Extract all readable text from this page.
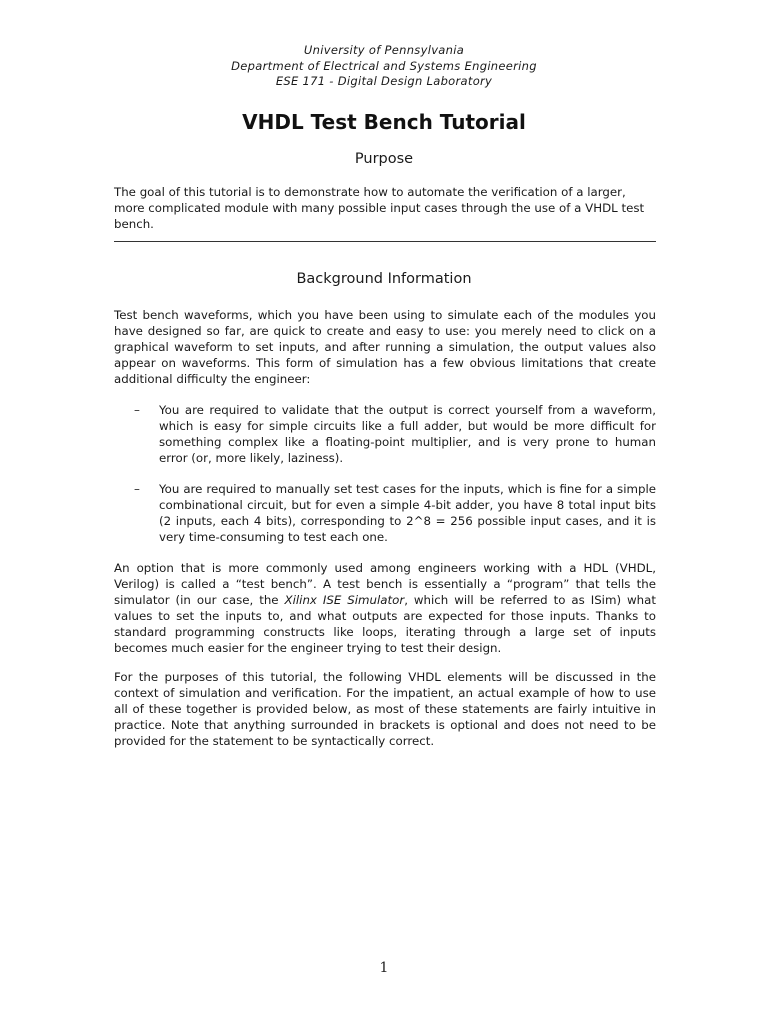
University of Pennsylvania
Department of Electrical and Systems Engineering
ESE 171 - Digital Design Laboratory
VHDL Test Bench Tutorial
Purpose

The goal of this tutorial is to demonstrate how to automate the verification of a larger, more complicated module with many possible input cases through the use of a VHDL test bench.

Background Information

Test bench waveforms, which you have been using to simulate each of the modules you have designed so far, are quick to create and easy to use: you merely need to click on a graphical waveform to set inputs, and after running a simulation, the output values also appear on waveforms. This form of simulation has a few obvious limitations that create additional difficulty the engineer:

–	You are required to validate that the output is correct yourself from a waveform, which is easy for simple circuits like a full adder, but would be more difficult for something complex like a floating-point multiplier, and is very prone to human error (or, more likely, laziness).
–	You are required to manually set test cases for the inputs, which is fine for a simple combinational circuit, but for even a simple 4-bit adder, you have 8 total input bits (2 inputs, each 4 bits), corresponding to 2^8 = 256 possible input cases, and it is very time-consuming to test each one.

An option that is more commonly used among engineers working with a HDL (VHDL, Verilog) is called a “test bench”. A test bench is essentially a “program” that tells the simulator (in our case, the Xilinx ISE Simulator, which will be referred to as ISim) what values to set the inputs to, and what outputs are expected for those inputs. Thanks to standard programming constructs like loops, iterating through a large set of inputs becomes much easier for the engineer trying to test their design.

For the purposes of this tutorial, the following VHDL elements will be discussed in the context of simulation and verification. For the impatient, an actual example of how to use all of these together is provided below, as most of these statements are fairly intuitive in practice. Note that anything surrounded in brackets is optional and does not need to be provided for the statement to be syntactically correct.

1
